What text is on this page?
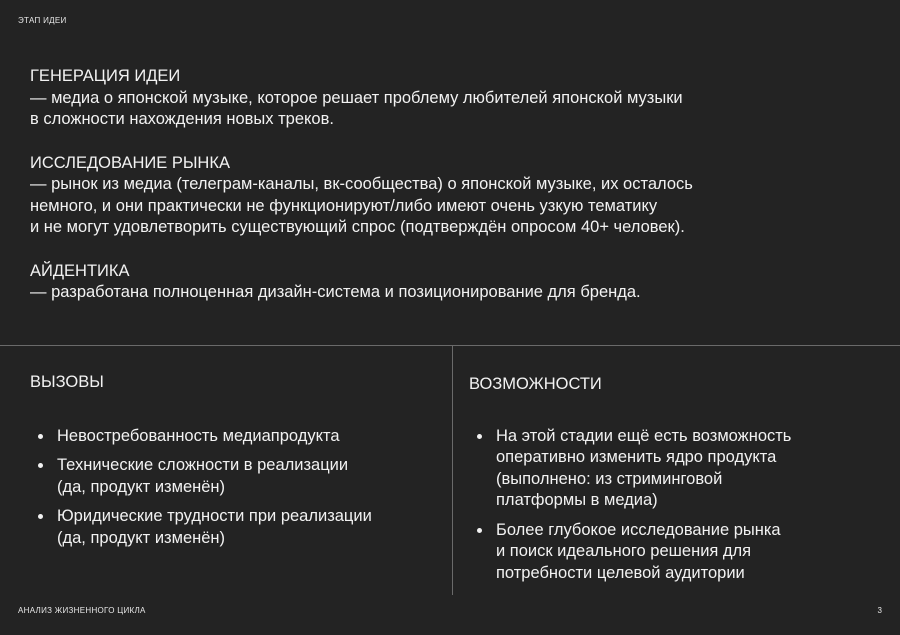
ЭТАП ИДЕИ

ГЕНЕРАЦИЯ ИДЕИ

— медиа о японской музыке, которое решает проблему любителей японской музыки

в сложности нахождения новых треков.

ИССЛЕДОВАНИЕ РЫНКА

— рынок из медиа (телеграм-каналы, вк-сообщества) о японской музыке, их осталось

немного, и они практически не функционируют/либо имеют очень узкую тематику

и не могут удовлетворить существующий спрос (подтверждён опросом 40+ человек).

АЙДЕНТИКА

— разработана полноценная дизайн-система и позиционирование для бренда.

ВЫЗОВЫ
Невостребованность медиапродукта
Технические сложности в реализации
(да, продукт изменён)
Юридические трудности при реализации
(да, продукт изменён)
ВОЗМОЖНОСТИ
На этой стадии ещё есть возможность
оперативно изменить ядро продукта
(выполнено: из стриминговой
платформы в медиа)
Более глубокое исследование рынка
и поиск идеального решения для
потребности целевой аудитории
АНАЛИЗ ЖИЗНЕННОГО ЦИКЛА	3
